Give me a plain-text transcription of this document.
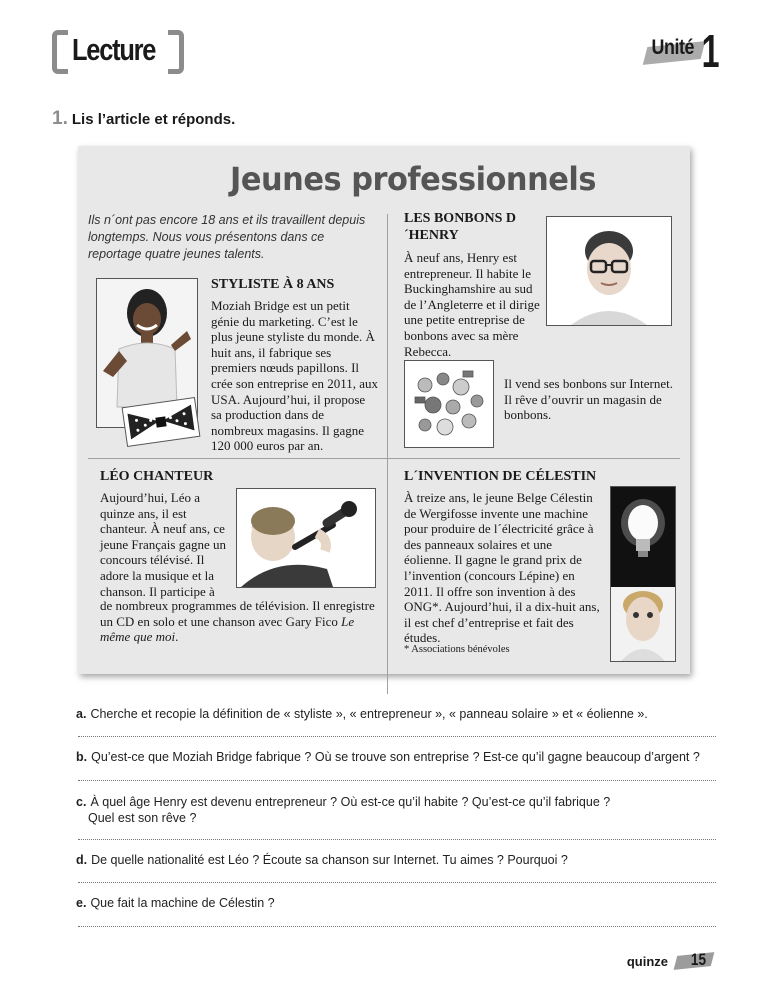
Lecture	Unité 1
1. Lis l’article et réponds.
Jeunes professionnels
Ils n´ont pas encore 18 ans et ils travaillent depuis longtemps. Nous vous présentons dans ce reportage quatre jeunes talents.
STYLISTE À 8 ANS
Moziah Bridge est un petit génie du marketing. C’est le plus jeune styliste du monde. À huit ans, il fabrique ses premiers nœuds papillons. Il crée son entreprise en 2011, aux USA. Aujourd’hui, il propose sa production dans de nombreux magasins. Il gagne 120 000 euros par an.
LES BONBONS D´HENRY
À neuf ans, Henry est entrepreneur. Il habite le Buckinghamshire au sud de l’Angleterre et il dirige une petite entreprise de bonbons avec sa mère Rebecca.
Il vend ses bonbons sur Internet. Il rêve d’ouvrir un magasin de bonbons.
LÉO CHANTEUR
Aujourd’hui, Léo a quinze ans, il est chanteur. À neuf ans, ce jeune Français gagne un concours télévisé. Il adore la musique et la chanson. Il participe à
de nombreux programmes de télévision. Il enregistre un CD en solo et une chanson avec Gary Fico Le même que moi.
L´INVENTION DE CÉLESTIN
À treize ans, le jeune Belge Célestin de Wergifosse invente une machine pour produire de l´électricité grâce à des panneaux solaires et une éolienne. Il gagne le grand prix de l’invention (concours Lépine) en 2011. Il offre son invention à des ONG*. Aujourd’hui, il a dix-huit ans, il est chef d’entreprise et fait des études.
* Associations bénévoles
a. Cherche et recopie la définition de « styliste », « entrepreneur », « panneau solaire » et « éolienne ».
b. Qu’est-ce que Moziah Bridge fabrique ? Où se trouve son entreprise ? Est-ce qu’il gagne beaucoup d’argent ?
c. À quel âge Henry est devenu entrepreneur ? Où est-ce qu’il habite ? Qu’est-ce qu’il fabrique ?
Quel est son rêve ?
d. De quelle nationalité est Léo ? Écoute sa chanson sur Internet. Tu aimes ? Pourquoi ?
e. Que fait la machine de Célestin ?
quinze 15
